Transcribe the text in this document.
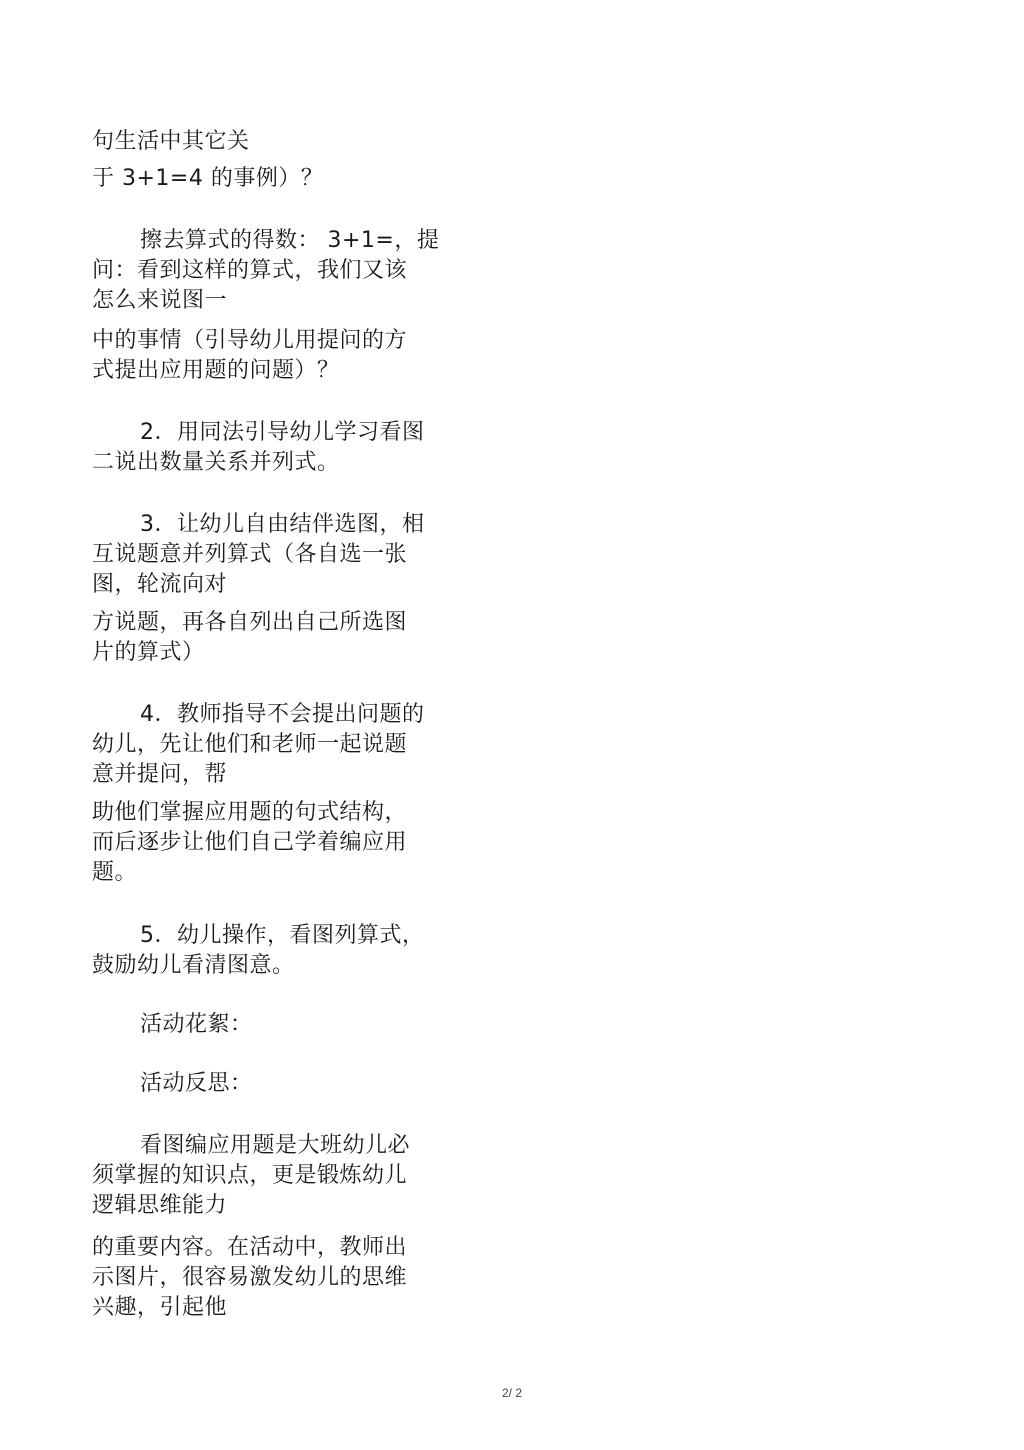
句生活中其它关
于 3+1=4 的事例）？
擦去算式的得数： 3+1=，提
问：看到这样的算式，我们又该
怎么来说图一
中的事情（引导幼儿用提问的方
式提出应用题的问题）？
2．用同法引导幼儿学习看图
二说出数量关系并列式。
3．让幼儿自由结伴选图，相
互说题意并列算式（各自选一张
图，轮流向对
方说题，再各自列出自己所选图
片的算式）
4．教师指导不会提出问题的
幼儿，先让他们和老师一起说题
意并提问，帮
助他们掌握应用题的句式结构，
而后逐步让他们自己学着编应用
题。
5．幼儿操作，看图列算式，
鼓励幼儿看清图意。
活动花絮：
活动反思：
看图编应用题是大班幼儿必
须掌握的知识点，更是锻炼幼儿
逻辑思维能力
的重要内容。在活动中，教师出
示图片，很容易激发幼儿的思维
兴趣，引起他
2/ 2
